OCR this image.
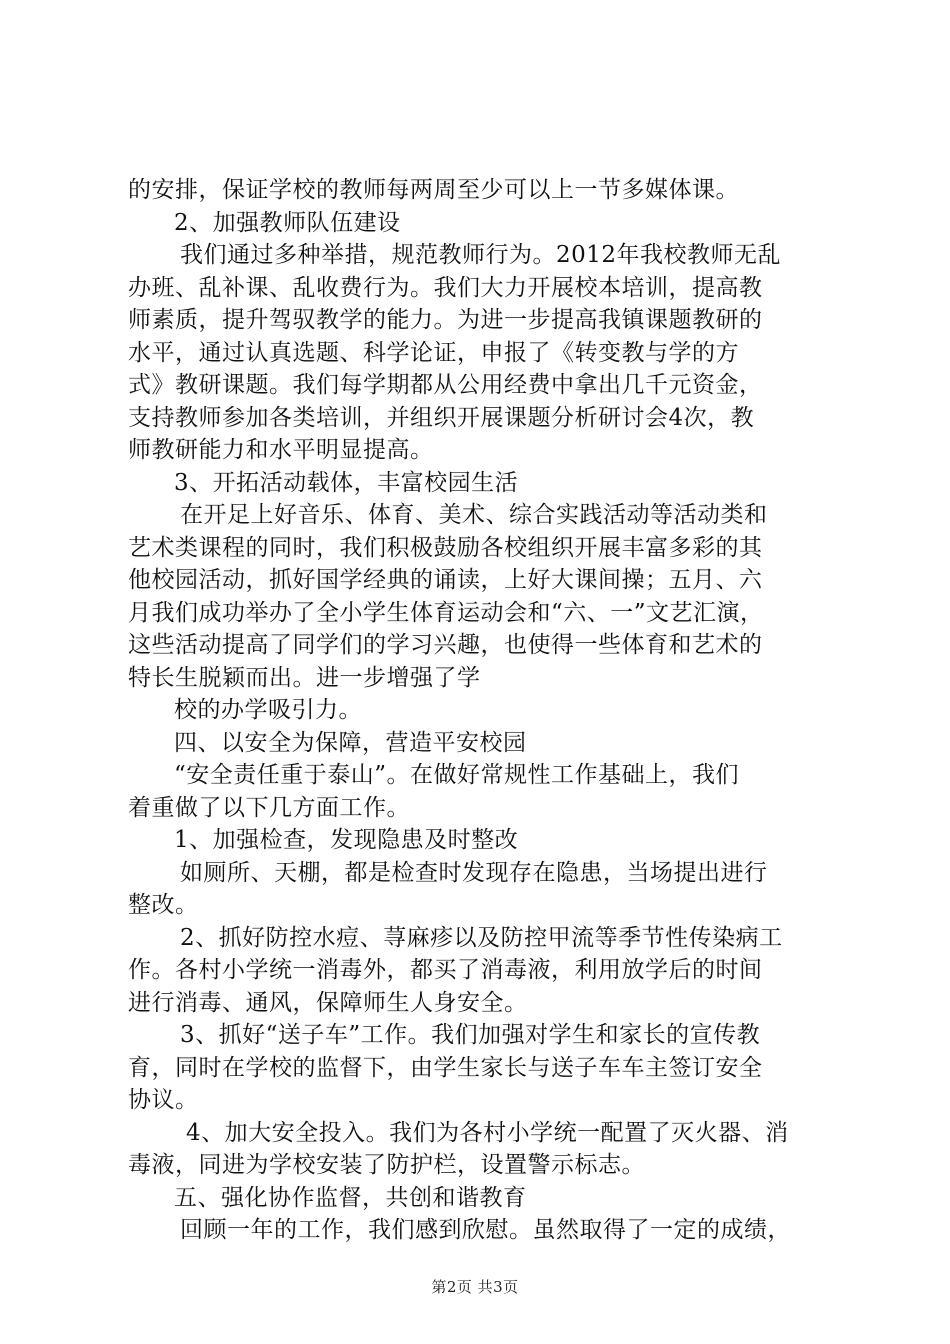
的安排，保证学校的教师每两周至少可以上一节多媒体课。
2、加强教师队伍建设
我们通过多种举措，规范教师行为。2012年我校教师无乱
办班、乱补课、乱收费行为。我们大力开展校本培训，提高教
师素质，提升驾驭教学的能力。为进一步提高我镇课题教研的
水平，通过认真选题、科学论证，申报了《转变教与学的方
式》教研课题。我们每学期都从公用经费中拿出几千元资金，
支持教师参加各类培训，并组织开展课题分析研讨会4次，教
师教研能力和水平明显提高。
3、开拓活动载体，丰富校园生活
在开足上好音乐、体育、美术、综合实践活动等活动类和
艺术类课程的同时，我们积极鼓励各校组织开展丰富多彩的其
他校园活动，抓好国学经典的诵读，上好大课间操；五月、六
月我们成功举办了全小学生体育运动会和“六、一”文艺汇演，
这些活动提高了同学们的学习兴趣，也使得一些体育和艺术的
特长生脱颖而出。进一步增强了学
校的办学吸引力。
四、以安全为保障，营造平安校园
“安全责任重于泰山”。在做好常规性工作基础上，我们
着重做了以下几方面工作。
1、加强检查，发现隐患及时整改
如厕所、天棚，都是检查时发现存在隐患，当场提出进行
整改。
2、抓好防控水痘、荨麻疹以及防控甲流等季节性传染病工
作。各村小学统一消毒外，都买了消毒液，利用放学后的时间
进行消毒、通风，保障师生人身安全。
3、抓好“送子车”工作。我们加强对学生和家长的宣传教
育，同时在学校的监督下，由学生家长与送子车车主签订安全
协议。
4、加大安全投入。我们为各村小学统一配置了灭火器、消
毒液，同进为学校安装了防护栏，设置警示标志。
五、强化协作监督，共创和谐教育
回顾一年的工作，我们感到欣慰。虽然取得了一定的成绩，
第2页 共3页
